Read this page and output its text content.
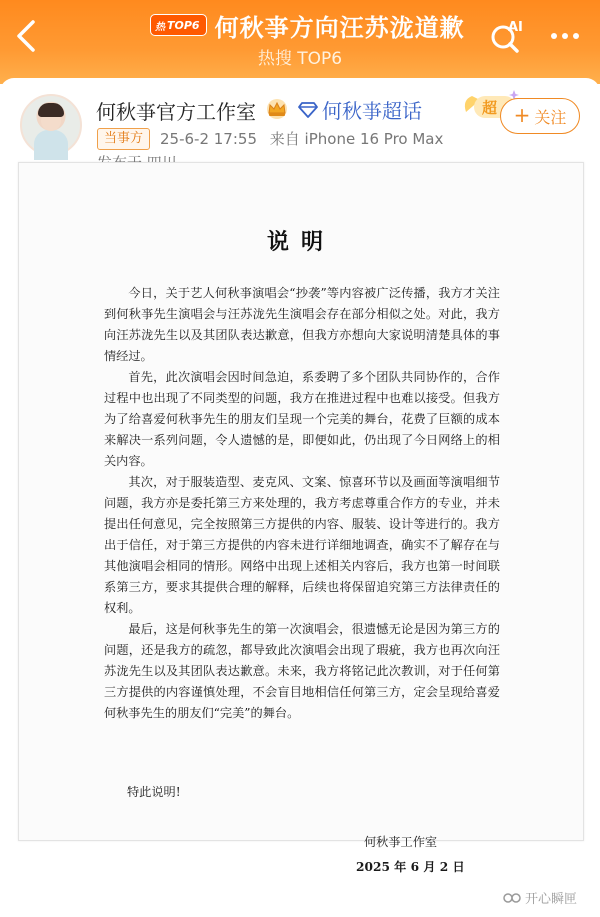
热 TOP6 何秋亊方向汪苏泷道歉
热搜 TOP6
AI
何秋亊官方工作室	何秋亊超话	超 + 关注
当事方	25-6-2 17:55 来自 iPhone 16 Pro Max
说明

今日，关于艺人何秋亊演唱会“抄袭”等内容被广泛传播，我方才关注到何秋亊先生演唱会与汪苏泷先生演唱会存在部分相似之处。对此，我方向汪苏泷先生以及其团队表达歉意，但我方亦想向大家说明清楚具体的事情经过。

首先，此次演唱会因时间急迫，系委聘了多个团队共同协作的，合作过程中也出现了不同类型的问题，我方在推进过程中也难以接受。但我方为了给喜爱何秋亊先生的朋友们呈现一个完美的舞台，花费了巨额的成本来解决一系列问题，令人遗憾的是，即便如此，仍出现了今日网络上的相关内容。

其次，对于服装造型、麦克风、文案、惊喜环节以及画面等演唱细节问题，我方亦是委托第三方来处理的，我方考虑尊重合作方的专业，并未提出任何意见，完全按照第三方提供的内容、服装、设计等进行的。我方出于信任，对于第三方提供的内容未进行详细地调查，确实不了解存在与其他演唱会相同的情形。网络中出现上述相关内容后，我方也第一时间联系第三方，要求其提供合理的解释，后续也将保留追究第三方法律责任的权利。

最后，这是何秋亊先生的第一次演唱会，很遗憾无论是因为第三方的问题，还是我方的疏忽，都导致此次演唱会出现了瑕疵，我方也再次向汪苏泷先生以及其团队表达歉意。未来，我方将铭记此次教训，对于任何第三方提供的内容谨慎处理，不会盲目地相信任何第三方，定会呈现给喜爱何秋亊先生的朋友们“完美”的舞台。

特此说明!
何秋亊工作室
2025 年 6 月 2 日
开心瞬匣
